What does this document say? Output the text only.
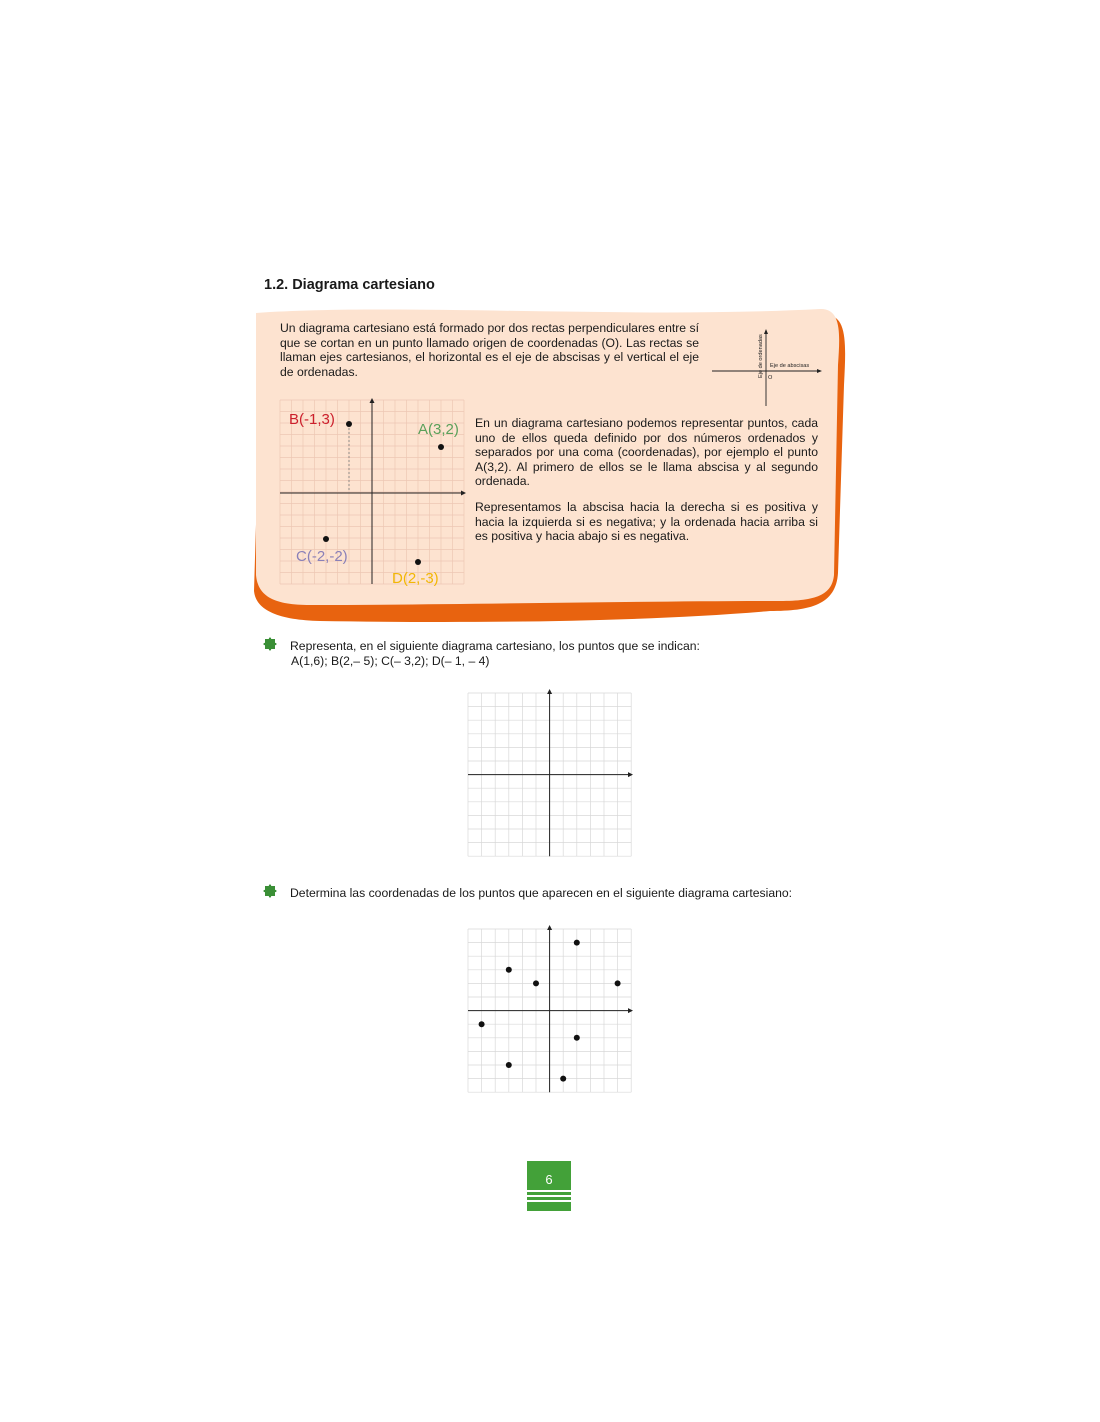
1.2. Diagrama cartesiano
Un diagrama cartesiano está formado por dos rectas perpendiculares entre sí que se cortan en un punto llamado origen de coordenadas (O). Las rectas se llaman ejes cartesianos, el horizontal es el eje de abscisas y el vertical el eje de ordenadas.	Eje de abscisas
O
Eje de ordenadas
A(3,2)
B(-1,3)
C(-2,-2)
D(2,-3)
En un diagrama cartesiano podemos representar puntos, cada uno de ellos queda definido por dos números ordenados y separados por una coma (coordenadas), por ejemplo el punto A(3,2). Al primero de ellos se le llama abscisa y al segundo ordenada.
Representamos la abscisa hacia la derecha si es positiva y hacia la izquierda si es negativa; y la ordenada hacia arriba si es positiva y hacia abajo si es negativa.
Representa, en el siguiente diagrama cartesiano, los puntos que se indican:
A(1,6); B(2,– 5); C(– 3,2); D(– 1, – 4)
Determina las coordenadas de los puntos que aparecen en el siguiente diagrama cartesiano:
6
